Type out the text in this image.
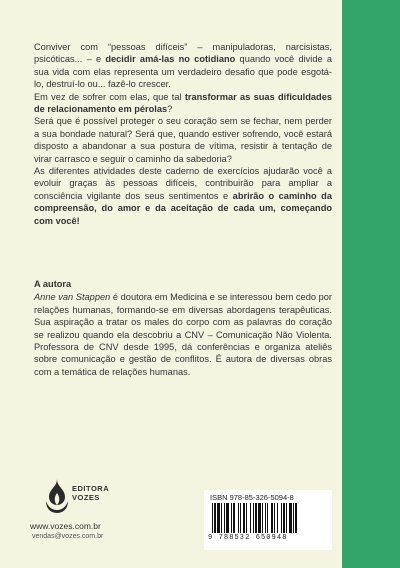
Conviver com “pessoas difíceis” – manipuladoras, narcisistas, psicóticas... – e decidir amá-las no cotidiano quando você divide a sua vida com elas representa um verdadeiro desafio que pode esgotá-lo, destruí-lo ou... fazê-lo crescer.

Em vez de sofrer com elas, que tal transformar as suas dificuldades de relacionamento em pérolas?

Será que é possível proteger o seu coração sem se fechar, nem perder a sua bondade natural? Será que, quando estiver sofrendo, você estará disposto a abandonar a sua postura de vítima, resistir à tentação de virar carrasco e seguir o caminho da sabedoria?

As diferentes atividades deste caderno de exercícios ajudarão você a evoluir graças às pessoas difíceis, contribuirão para ampliar a consciência vigilante dos seus sentimentos e abrirão o caminho da compreensão, do amor e da aceitação de cada um, começando com você!

A autora

Anne van Stappen é doutora em Medicina e se interessou bem cedo por relações humanas, formando-se em diversas abordagens terapêuticas. Sua aspiração a tratar os males do corpo com as palavras do coração se realizou quando ela descobriu a CNV – Comunicação Não Violenta. Professora de CNV desde 1995, dá conferências e organiza ateliês sobre comunicação e gestão de conflitos. É autora de diversas obras com a temática de relações humanas.

EDITORA
VOZES
www.vozes.com.br
vendas@vozes.com.br
ISBN 978-85-326-5094-8
9 788532 650948
